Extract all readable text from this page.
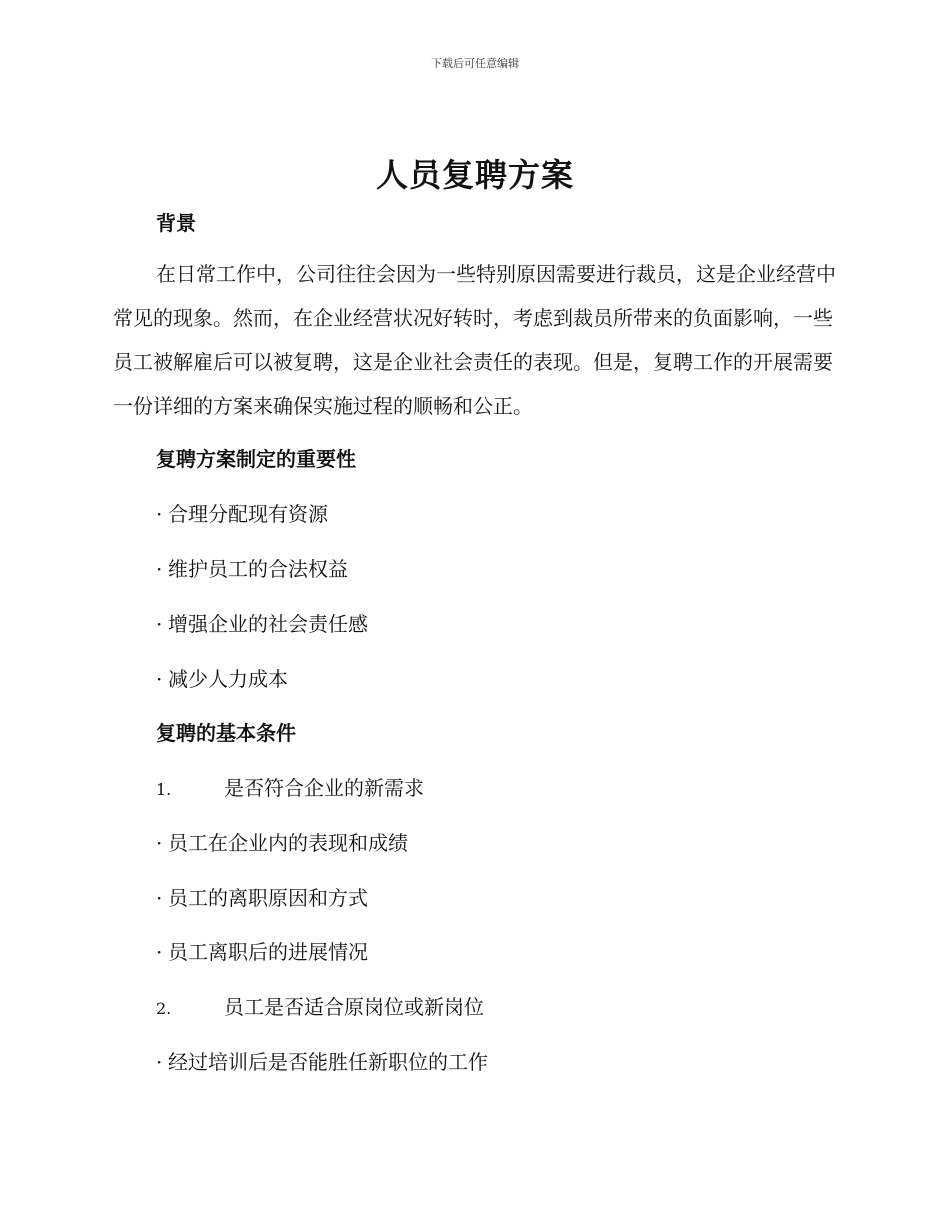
下载后可任意编辑
人员复聘方案
背景

在日常工作中，公司往往会因为一些特别原因需要进行裁员，这是企业经营中常见的现象。然而，在企业经营状况好转时，考虑到裁员所带来的负面影响，一些员工被解雇后可以被复聘，这是企业社会责任的表现。但是，复聘工作的开展需要一份详细的方案来确保实施过程的顺畅和公正。

复聘方案制定的重要性
· 合理分配现有资源
· 维护员工的合法权益
· 增强企业的社会责任感
· 减少人力成本
复聘的基本条件
1.	是否符合企业的新需求
· 员工在企业内的表现和成绩
· 员工的离职原因和方式
· 员工离职后的进展情况
2.	员工是否适合原岗位或新岗位
· 经过培训后是否能胜任新职位的工作
